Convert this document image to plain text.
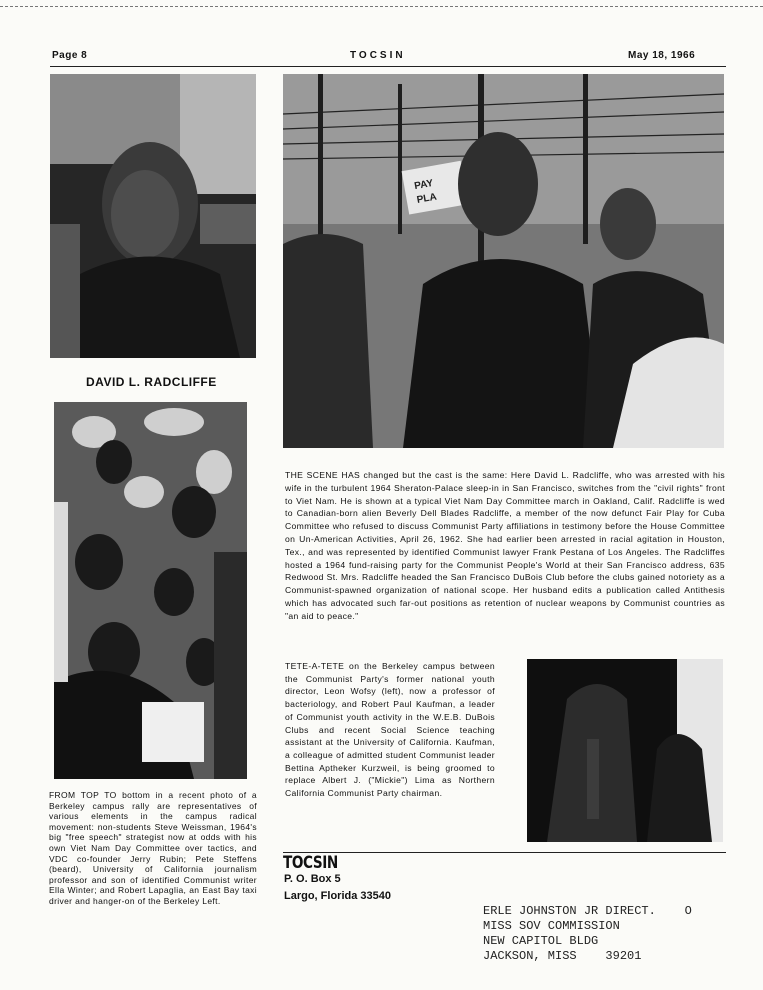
Page 8	TOCSIN	May 18, 1966
DAVID L. RADCLIFFE
PAY
PLA
THE SCENE HAS changed but the cast is the same: Here David L. Radcliffe, who was arrested with his wife in the turbulent 1964 Sheraton-Palace sleep-in in San Francisco, switches from the "civil rights" front to Viet Nam. He is shown at a typical Viet Nam Day Committee march in Oakland, Calif. Radcliffe is wed to Canadian-born alien Beverly Dell Blades Radcliffe, a member of the now defunct Fair Play for Cuba Committee who refused to discuss Communist Party affiliations in testimony before the House Committee on Un-American Activities, April 26, 1962. She had earlier been arrested in racial agitation in Houston, Tex., and was represented by identified Communist lawyer Frank Pestana of Los Angeles. The Radcliffes hosted a 1964 fund-raising party for the Communist People's World at their San Francisco address, 635 Redwood St. Mrs. Radcliffe headed the San Francisco DuBois Club before the clubs gained notoriety as a Communist-spawned organization of national scope. Her husband edits a publication called Antithesis which has advocated such far-out positions as retention of nuclear weapons by Communist countries as "an aid to peace."
FROM TOP TO bottom in a recent photo of a Berkeley campus rally are representatives of various elements in the campus radical movement: non-students Steve Weissman, 1964's big "free speech" strategist now at odds with his own Viet Nam Day Committee over tactics, and VDC co-founder Jerry Rubin; Pete Steffens (beard), University of California journalism professor and son of identified Communist writer Ella Winter; and Robert Lapaglia, an East Bay taxi driver and hanger-on of the Berkeley Left.
TETE-A-TETE on the Berkeley campus between the Communist Party's former national youth director, Leon Wofsy (left), now a professor of bacteriology, and Robert Paul Kaufman, a leader of Communist youth activity in the W.E.B. DuBois Clubs and recent Social Science teaching assistant at the University of California. Kaufman, a colleague of admitted student Communist leader Bettina Aptheker Kurzweil, is being groomed to replace Albert J. ("Mickie") Lima as Northern California Communist Party chairman.
TOCSIN
P. O. Box 5
Largo, Florida 33540
ERLE JOHNSTON JR DIRECT.    O
MISS SOV COMMISSION
NEW CAPITOL BLDG
JACKSON, MISS    39201
